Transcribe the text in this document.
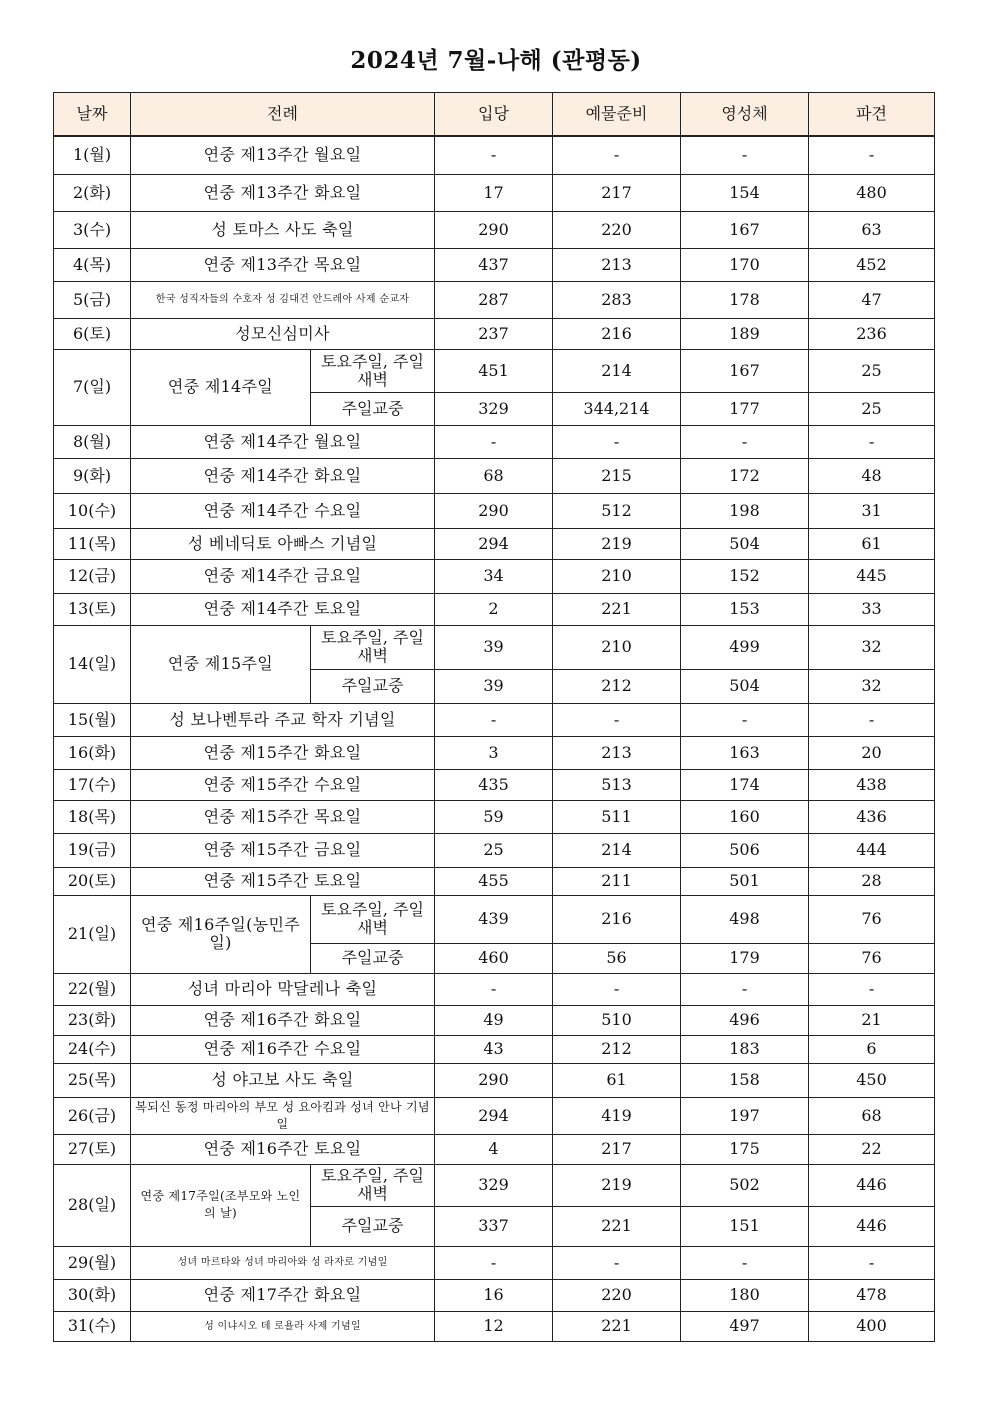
2024년 7월-나해 (관평동)
날짜	전례		입당	예물준비	영성체	파견
1(월)	연중 제13주간 월요일		-	-	-	-
2(화)	연중 제13주간 화요일		17	217	154	480
3(수)	성 토마스 사도 축일		290	220	167	63
4(목)	연중 제13주간 목요일		437	213	170	452
5(금)	한국 성직자들의 수호자 성 김대건 안드레아 사제 순교자		287	283	178	47
6(토)	성모신심미사		237	216	189	236
7(일)	연중 제14주일	토요주일, 주일새벽	451	214	167	25
		주일교중	329	344,214	177	25
8(월)	연중 제14주간 월요일		-	-	-	-
9(화)	연중 제14주간 화요일		68	215	172	48
10(수)	연중 제14주간 수요일		290	512	198	31
11(목)	성 베네딕토 아빠스 기념일		294	219	504	61
12(금)	연중 제14주간 금요일		34	210	152	445
13(토)	연중 제14주간 토요일		2	221	153	33
14(일)	연중 제15주일	토요주일, 주일새벽	39	210	499	32
		주일교중	39	212	504	32
15(월)	성 보나벤투라 주교 학자 기념일		-	-	-	-
16(화)	연중 제15주간 화요일		3	213	163	20
17(수)	연중 제15주간 수요일		435	513	174	438
18(목)	연중 제15주간 목요일		59	511	160	436
19(금)	연중 제15주간 금요일		25	214	506	444
20(토)	연중 제15주간 토요일		455	211	501	28
21(일)	연중 제16주일(농민주일)	토요주일, 주일새벽	439	216	498	76
		주일교중	460	56	179	76
22(월)	성녀 마리아 막달레나 축일		-	-	-	-
23(화)	연중 제16주간 화요일		49	510	496	21
24(수)	연중 제16주간 수요일		43	212	183	6
25(목)	성 야고보 사도 축일		290	61	158	450
26(금)	복되신 동정 마리아의 부모 성 요아킴과 성녀 안나 기념일		294	419	197	68
27(토)	연중 제16주간 토요일		4	217	175	22
28(일)	연중 제17주일(조부모와 노인의 날)	토요주일, 주일새벽	329	219	502	446
		주일교중	337	221	151	446
29(월)	성녀 마르타와 성녀 마리아와 성 라자로 기념일		-	-	-	-
30(화)	연중 제17주간 화요일		16	220	180	478
31(수)	성 이냐시오 데 로욜라 사제 기념일		12	221	497	400
